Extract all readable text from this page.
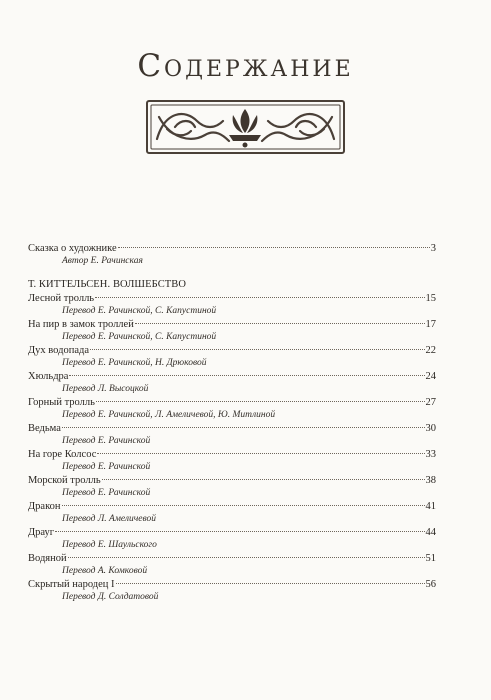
Содержание
Сказка о художнике	3
Автор Е. Рачинская
Т. КИТТЕЛЬСЕН. ВОЛШЕБСТВО
Лесной тролль	15
Перевод Е. Рачинской, С. Капустиной
На пир в замок троллей	17
Перевод Е. Рачинской, С. Капустиной
Дух водопада	22
Перевод Е. Рачинской, Н. Дрюковой
Хюльдра	24
Перевод Л. Высоцкой
Горный тролль	27
Перевод Е. Рачинской, Л. Амеличевой, Ю. Митлиной
Ведьма	30
Перевод Е. Рачинской
На горе Колсос	33
Перевод Е. Рачинской
Морской тролль	38
Перевод Е. Рачинской
Дракон	41
Перевод Л. Амеличевой
Драуг	44
Перевод Е. Шаульского
Водяной	51
Перевод А. Комковой
Скрытый народец I	56
Перевод Д. Солдатовой
